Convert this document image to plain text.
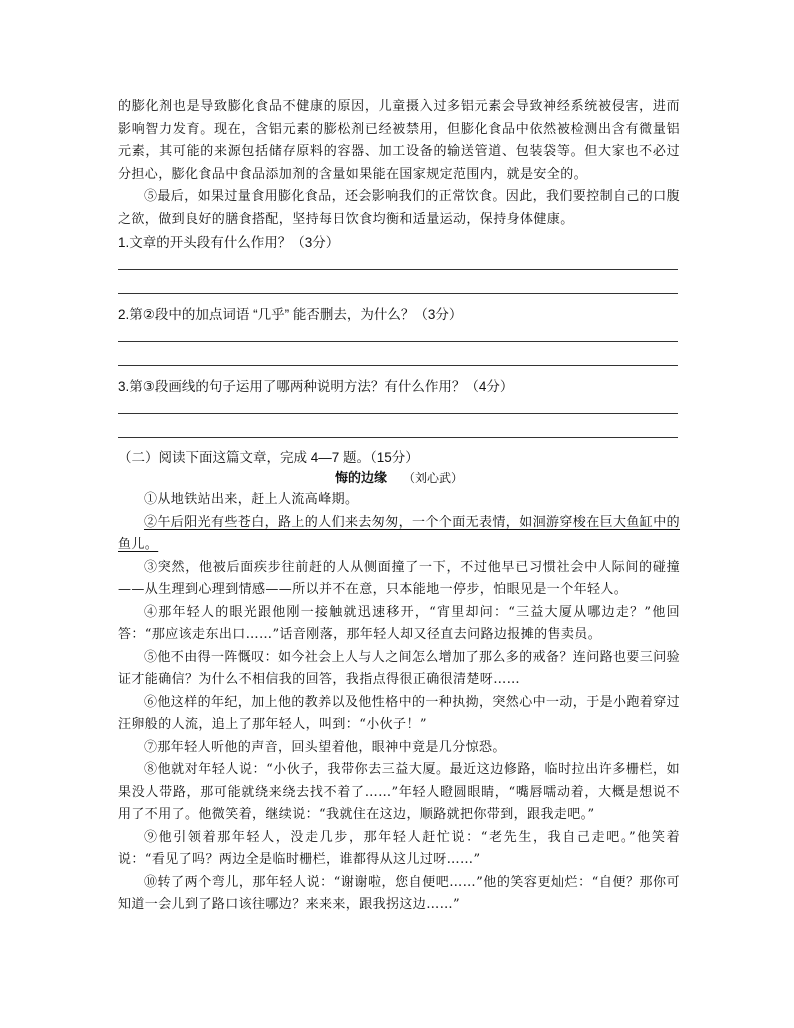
的膨化剂也是导致膨化食品不健康的原因，儿童摄入过多铝元素会导致神经系统被侵害，进而影响智力发育。现在，含铝元素的膨松剂已经被禁用，但膨化食品中依然被检测出含有微量铝元素，其可能的来源包括储存原料的容器、加工设备的输送管道、包装袋等。但大家也不必过分担心，膨化食品中食品添加剂的含量如果能在国家规定范围内，就是安全的。

⑤最后，如果过量食用膨化食品，还会影响我们的正常饮食。因此，我们要控制自己的口腹之欲，做到良好的膳食搭配，坚持每日饮食均衡和适量运动，保持身体健康。

1.文章的开头段有什么作用？（3分）

2.第②段中的加点词语 “几乎” 能否删去，为什么？（3分）

3.第③段画线的句子运用了哪两种说明方法？有什么作用？（4分）

（二）阅读下面这篇文章，完成 4—7 题。（15分）

悔的边缘 （刘心武）

①从地铁站出来，赶上人流高峰期。

②午后阳光有些苍白，路上的人们来去匆匆，一个个面无表情，如洄游穿梭在巨大鱼缸中的鱼儿。

③突然，他被后面疾步往前赶的人从侧面撞了一下，不过他早已习惯社会中人际间的碰撞——从生理到心理到情感——所以并不在意，只本能地一停步，怕眼见是一个年轻人。

④那年轻人的眼光跟他刚一接触就迅速移开，“宵里却问：“三益大厦从哪边走？”他回答：“那应该走东出口……”话音刚落，那年轻人却又径直去问路边报摊的售卖员。

⑤他不由得一阵慨叹：如今社会上人与人之间怎么增加了那么多的戒备？连问路也要三问验证才能确信？为什么不相信我的回答，我指点得很正确很清楚呀……

⑥他这样的年纪，加上他的教养以及他性格中的一种执拗，突然心中一动，于是小跑着穿过汪卵般的人流，追上了那年轻人，叫到：“小伙子！”

⑦那年轻人听他的声音，回头望着他，眼神中竟是几分惊恐。

⑧他就对年轻人说：“小伙子，我带你去三益大厦。最近这边修路，临时拉出许多栅栏，如果没人带路，那可能就绕来绕去找不着了……”年轻人瞪圆眼睛，“嘴唇嚅动着，大概是想说不用了不用了。他微笑着，继续说：“我就住在这边，顺路就把你带到，跟我走吧。”

⑨他引领着那年轻人，没走几步，那年轻人赶忙说：“老先生，我自己走吧。”他笑着说：“看见了吗？两边全是临时栅栏，谁都得从这儿过呀……”

⑩转了两个弯儿，那年轻人说：“谢谢啦，您自便吧……”他的笑容更灿烂：“自便？那你可知道一会儿到了路口该往哪边？来来来，跟我拐这边……”
